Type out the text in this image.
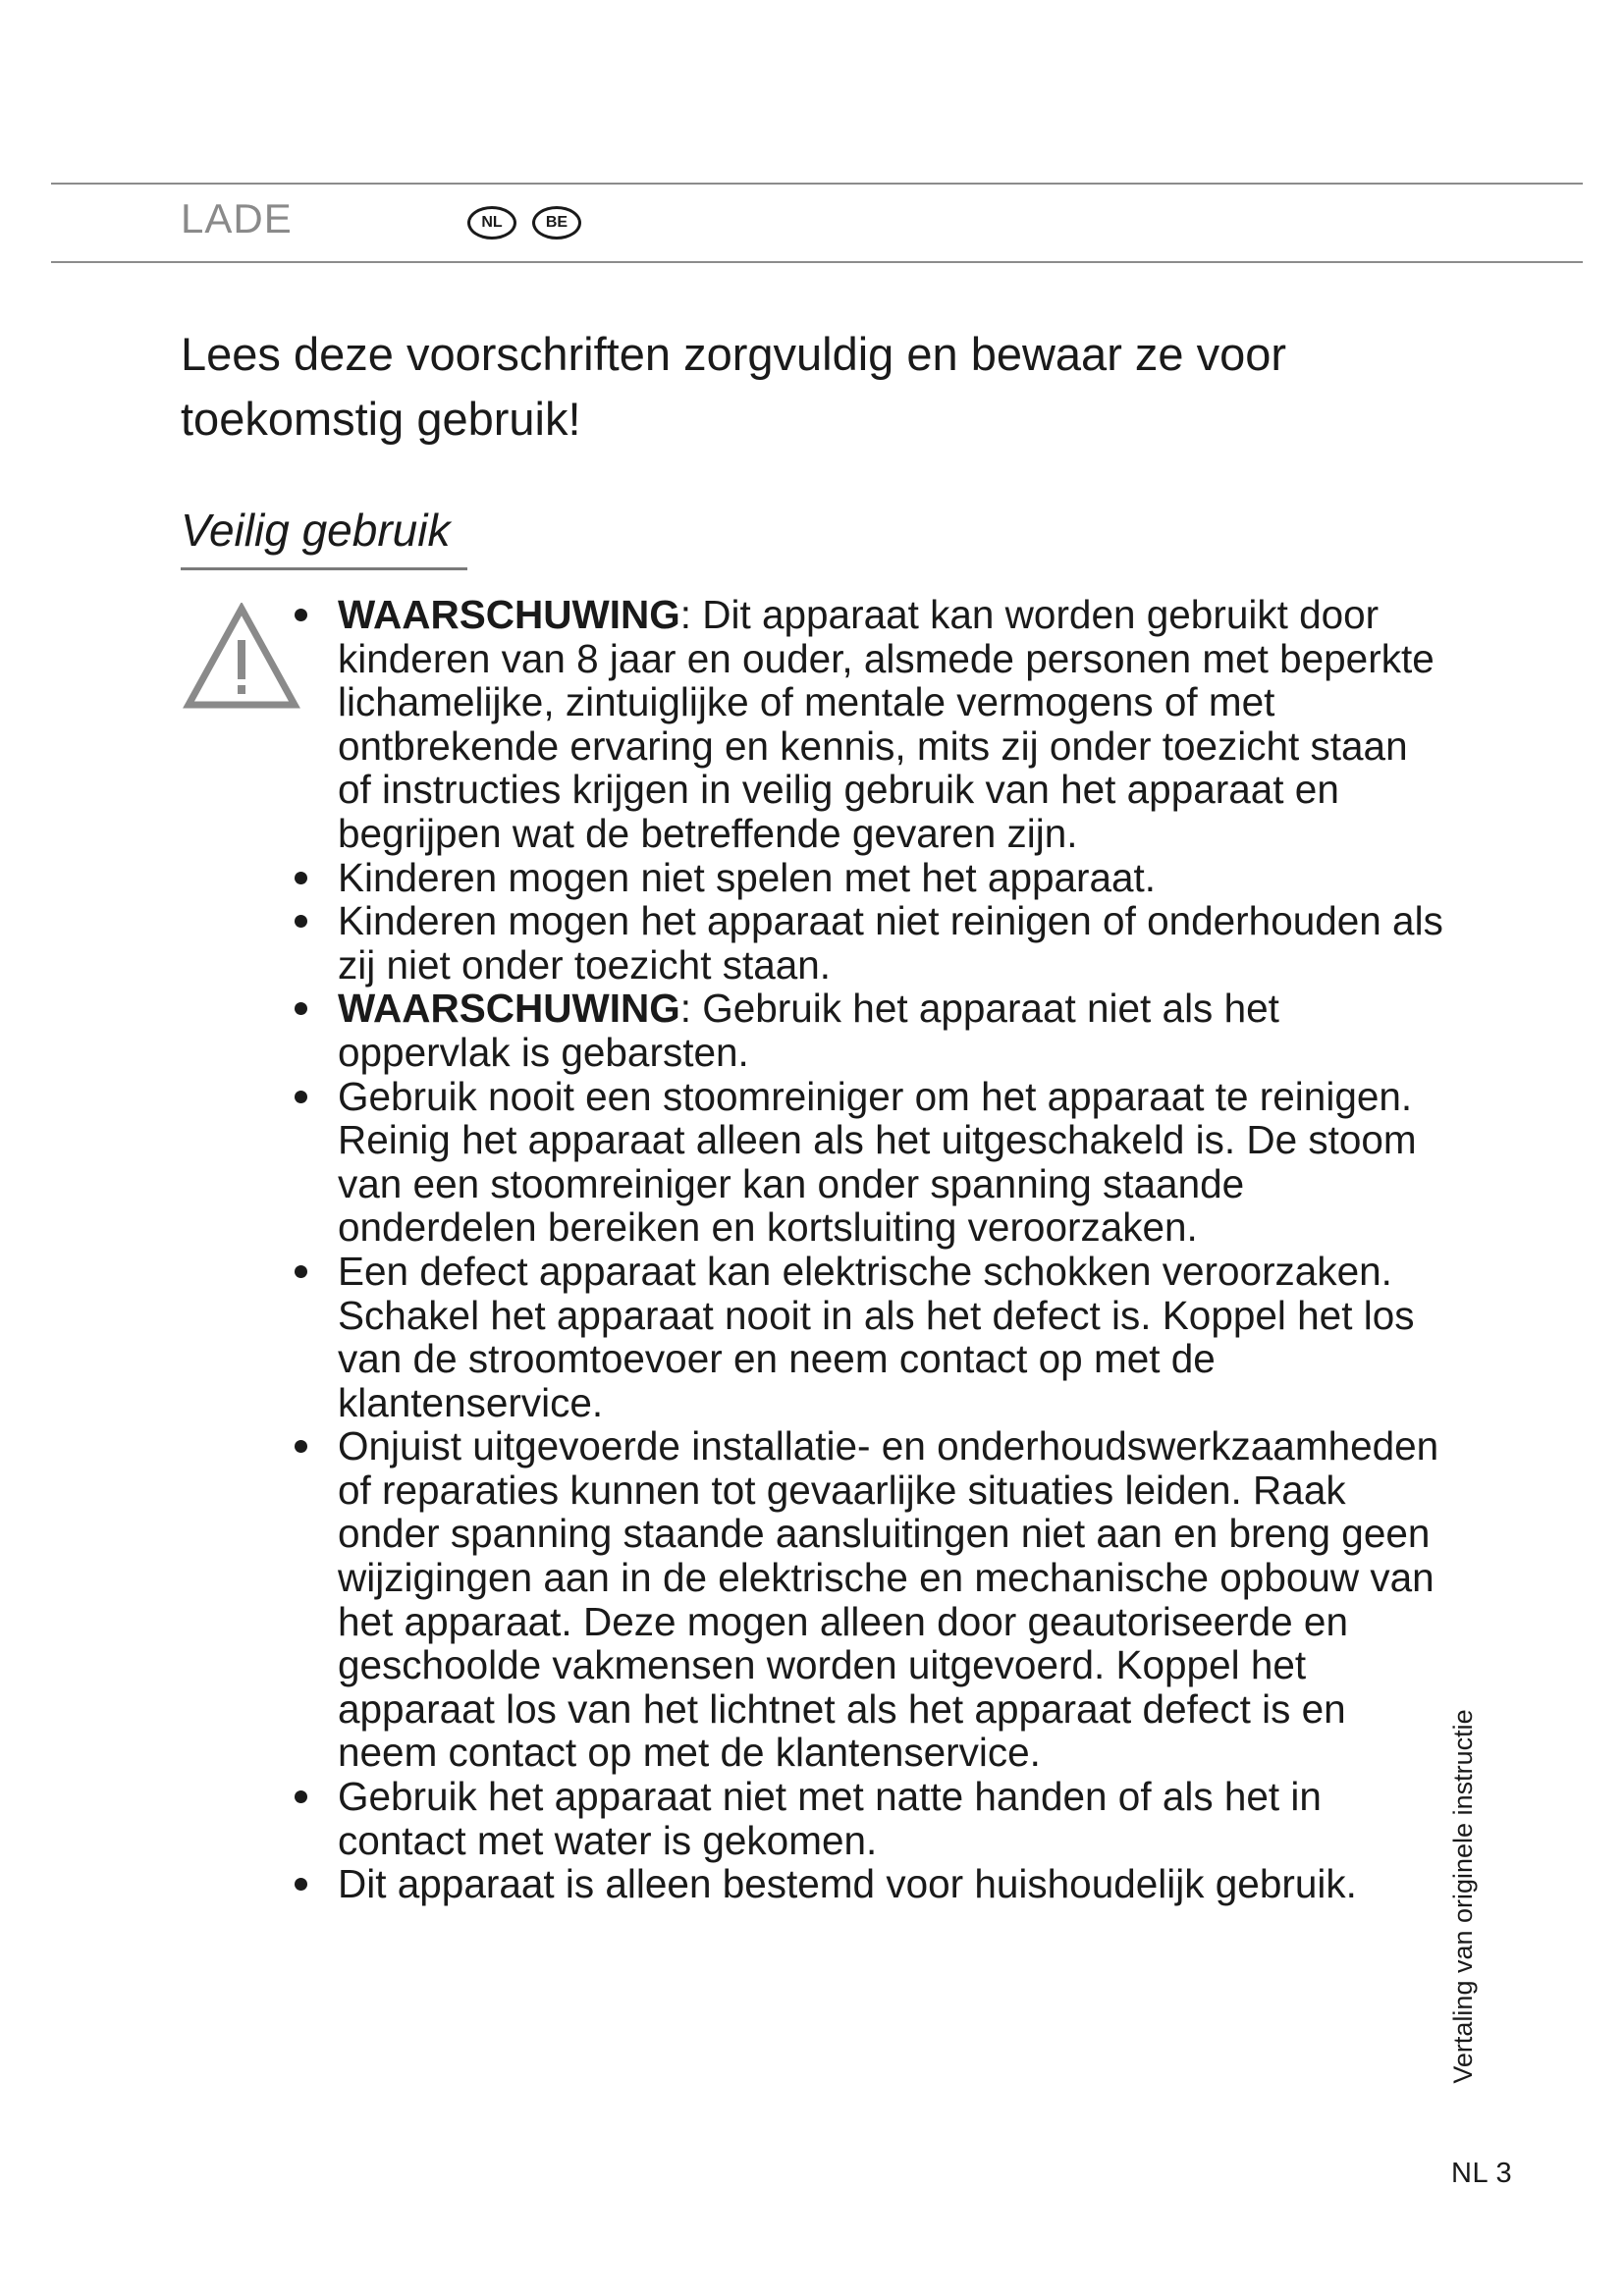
LADE	NL	BE
Lees deze voorschriften zorgvuldig en bewaar ze voor toekomstig gebruik!
Veilig gebruik
WAARSCHUWING: Dit apparaat kan worden gebruikt door kinderen van 8 jaar en ouder, alsmede personen met beperkte lichamelijke, zintuiglijke of mentale vermogens of met ontbrekende ervaring en kennis, mits zij onder toezicht staan of instructies krijgen in veilig gebruik van het apparaat en begrijpen wat de betreffende gevaren zijn.
Kinderen mogen niet spelen met het apparaat.
Kinderen mogen het apparaat niet reinigen of onderhouden als zij niet onder toezicht staan.
WAARSCHUWING: Gebruik het apparaat niet als het oppervlak is gebarsten.
Gebruik nooit een stoomreiniger om het apparaat te reinigen. Reinig het apparaat alleen als het uitgeschakeld is. De stoom van een stoomreiniger kan onder spanning staande onderdelen bereiken en kortsluiting veroorzaken.
Een defect apparaat kan elektrische schokken veroorzaken. Schakel het apparaat nooit in als het defect is. Koppel het los van de stroomtoevoer en neem contact op met de klantenservice.
Onjuist uitgevoerde installatie- en onderhoudswerkzaamheden of reparaties kunnen tot gevaarlijke situaties leiden. Raak onder spanning staande aansluitingen niet aan en breng geen wijzigingen aan in de elektrische en mechanische opbouw van het apparaat. Deze mogen alleen door geautoriseerde en geschoolde vakmensen worden uitgevoerd. Koppel het apparaat los van het lichtnet als het apparaat defect is en neem contact op met de klantenservice.
Gebruik het apparaat niet met natte handen of als het in contact met water is gekomen.
Dit apparaat is alleen bestemd voor huishoudelijk gebruik.	Vertaling van originele instructie
NL 3
